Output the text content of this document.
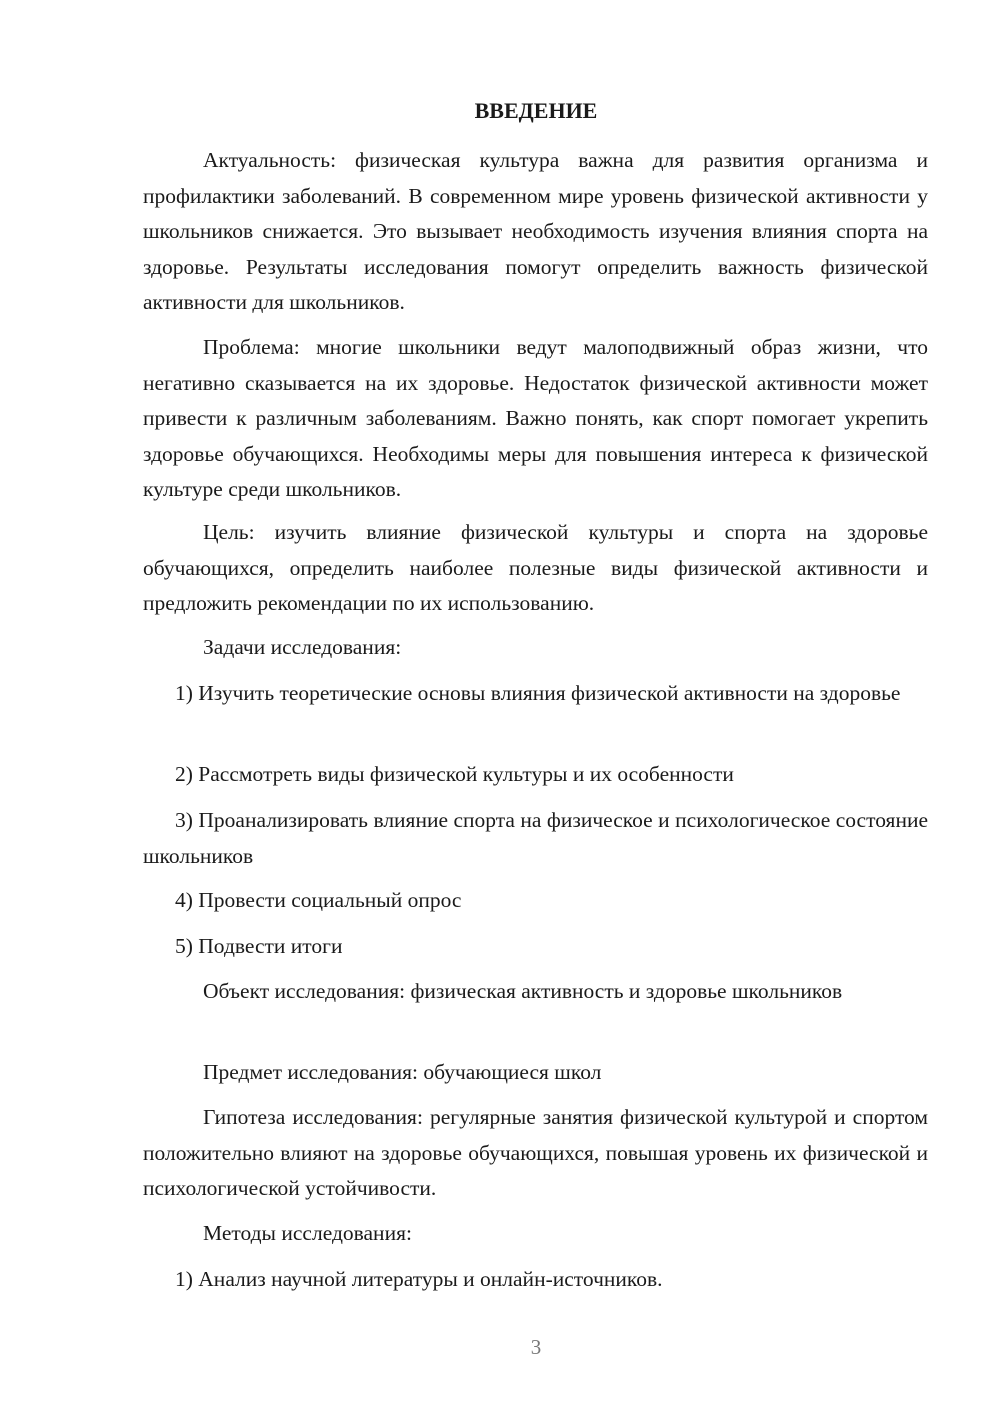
ВВЕДЕНИЕ

Актуальность: физическая культура важна для развития организма и профилактики заболеваний. В современном мире уровень физической активности у школьников снижается. Это вызывает необходимость изучения влияния спорта на здоровье. Результаты исследования помогут определить важность физической активности для школьников.

Проблема: многие школьники ведут малоподвижный образ жизни, что негативно сказывается на их здоровье. Недостаток физической активности может привести к различным заболеваниям. Важно понять, как спорт помогает укрепить здоровье обучающихся. Необходимы меры для повышения интереса к физической культуре среди школьников.

Цель: изучить влияние физической культуры и спорта на здоровье обучающихся, определить наиболее полезные виды физической активности и предложить рекомендации по их использованию.

Задачи исследования:

1) Изучить теоретические основы влияния физической активности на здоровье

2) Рассмотреть виды физической культуры и их особенности

3) Проанализировать влияние спорта на физическое и психологическое состояние школьников

4) Провести социальный опрос

5) Подвести итоги

Объект исследования: физическая активность и здоровье школьников

Предмет исследования: обучающиеся школ

Гипотеза исследования: регулярные занятия физической культурой и спортом положительно влияют на здоровье обучающихся, повышая уровень их физической и психологической устойчивости.

Методы исследования:

1) Анализ научной литературы и онлайн-источников.

3
